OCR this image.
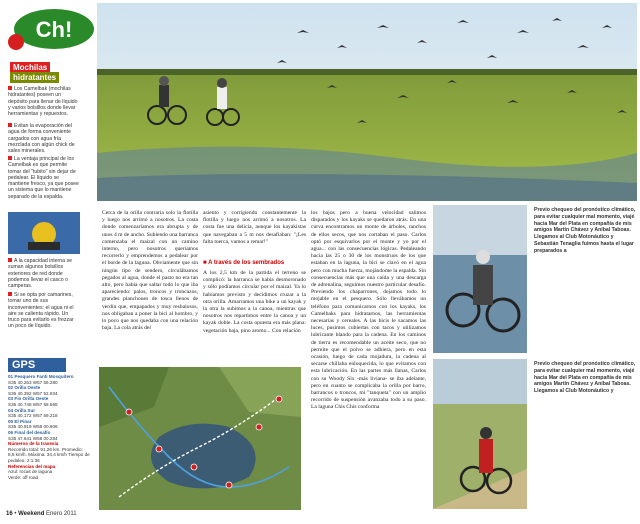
Ch!
Mochilas
hidratantes
Los Camelbak (mochilas hidratantes) poseen un depósito para llenar de líquido y varios bolsillos donde llevar herramientas y repuestos.
Evitan la evaporación del agua de forma conveniente cargados con agua fría mezclada con algún chick de sales minerales.
La ventaja principal de los Camelbak es que permite tomar del "tubito" sin dejar de pedalear. El líquido se mantiene fresco, ya que posee un sistema que lo mantiene separado de la espalda.
A la capacidad interna se suman algunos bolsillos exteriores de red donde podemos llevar el casco o camperas.
Si se opta por camarines, tomar uno de sus inconvenientes: el agua ni el aire se calienta rápido. Un truco para evitarlo es frezzar un poco de líquido.
GPS
01 Pesquero Fanti Mosquitero
S35 40.263 W57 56.280
02 Orilla Oeste
S35 40.392 W57 52.934
03 Fin Orilla Oeste
S35 40.748 W57 58.565
04 Orilla Sur
S35 40.172 W57 59.218
05 El Pinar
S35 40.919 W58 00.606
06 Final del desafío
S35 47.641 W58 00.284
Números de la travesía
Recorrido total: 91,26 km. Promedio: 8,5 km/h. Máxima: 34,4 km/h Tiempo de pedaleo: 2:1:36
Referencias del mapa
Azul: rocas de laguna
Verde: off road
Cerca de la orilla contraria solo la flotilla y luego nos arrimó a nosotros. La costa donde comenzaríamos era abrupta y de unos 4 m de ancho. Subiendo una barranca comenzaba el maizal con un camino interno, pero nosotros queríamos recorrerlo y emprendemos a pedalear por el borde de la laguna. Obviamente que sin ningún tipo de sendero, circulábamos pegados al agua, donde el pasto no era tan alto, pero había que saltar todo lo que iba apareciendo: palos, troncos y troncazos, grandes planchones de tosca llenos de verdín que, empapados y muy resbalosos, nos obligaban a poner la bici al hombro, y lo poco que nos quedaba con una relación baja. La cola atrás del
asiento y corrigiendo constantemente la flotilla y luego nos arrimó a nosotros. La costa fue una delicia, aunque los kayakistas que navegaban a 5 m nos desafiaban: "¡Les falta tuerca, vamos a remar!"
■ A través de los sembrados
A los 2,5 km de la partida el terreno se complicó: la barranca se había desmoronado y sólo podíamos circular por el maizal. Ya lo habíamos previsto y decidimos cruzar a la otra orilla. Amarramos una bike a un kayak y la otra la subimos a la canoa, mientras que nosotros nos repartimos entre la canoa y un kayak doble. La costa opuesta era más plana: vegetación baja, pino aromo... Con relación
los bajos pero a buena velocidad salimos disparados y los kayaks se quedaron atrás. En una curva encontramos un monte de árboles, ranchos de ellos secos, que nos cortaban el paso. Carlos optó por esquivarlos por el monte y yo por el agua... con las consecuencias lógicas. Pedaleando hacia las 25 o 30 de los monstruos de los que estaban en la laguna, la bici se clavó en el agua pero con mucha fuerza, mojándome la espalda. Sin consecuencias más que una caída y una descarga de adrenalina, seguimos nuestro particular desafío. Previendo los chaparrones, dejamos todo lo mojable en el pesquero. Sólo llevábamos un teléfono para comunicarnos con los kayaks, los Camelbaks para hidratarnos, las herramientas necesarias y cereales. A las bicis le sacamos las luces, pusimos cubiertas con tacos y utilizamos lubricante blando para la cadena. En los caminos de tierra es recomendable un aceite seco, que no permite que el polvo se adhiera, pero en esta ocasión, luego de cada mojadura, la cadena al secarse chillaba enloquecida, lo que evitamos con esta lubricación. En las partes más llanas, Carlos con su Woody Six -más liviana- se iba adelante, pero en cuanto se complicaba la orilla por barro, barrancos o troncos, mi "tanqueta" con un amplio recorrido de suspensión avanzaba todo a su paso. La laguna Chis Chis conforma
Previo chequeo del pronóstico climático, para evitar cualquier mal momento, viajé hacia Mar del Plata en compañía de mis amigos Martín Chávez y Aníbal Taboas. Llegamos al Club Motonáutico y Sebastián Tenaglia fuimos hasta el lugar preparados a
Previo chequeo del pronóstico climático, para evitar cualquier mal momento, viajé hacia Mar del Plata en compañía de mis amigos Martín Chávez y Aníbal Taboas. Llegamos al Club Motonáutico y
16 • Weekend Enero 2011
